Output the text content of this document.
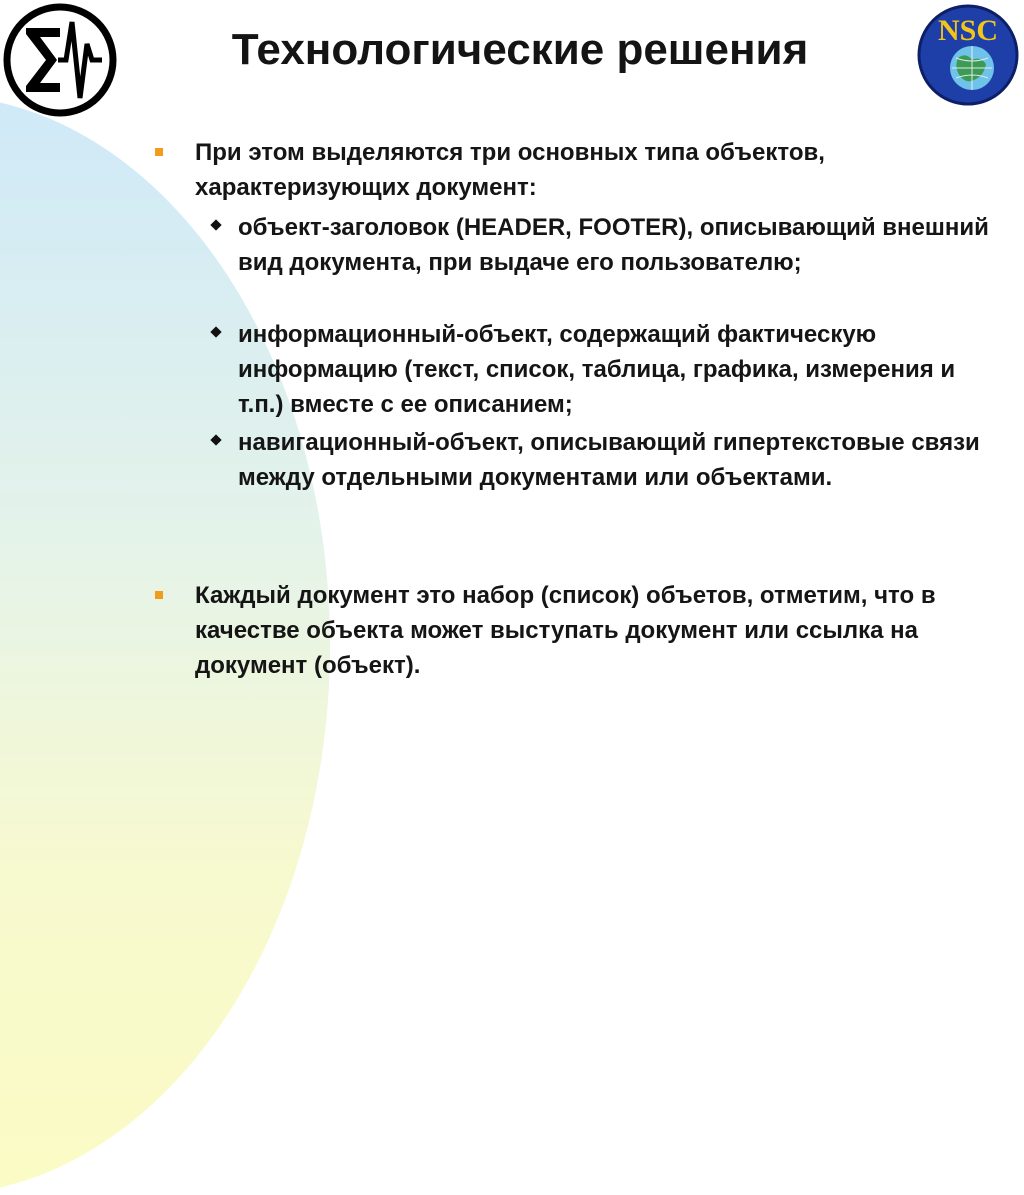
NSC
Технологические решения
При этом выделяются три основных типа объектов, характеризующих документ:
объект-заголовок (HEADER, FOOTER), описывающий внешний вид документа, при выдаче его пользователю;
информационный-объект, содержащий фактическую информацию (текст, список, таблица, графика, измерения и т.п.) вместе с ее описанием;
навигационный-объект, описывающий гипертекстовые связи между отдельными документами или объектами.
Каждый документ это набор (список) объетов, отметим, что в качестве объекта может выступать документ или ссылка на документ (объект).
